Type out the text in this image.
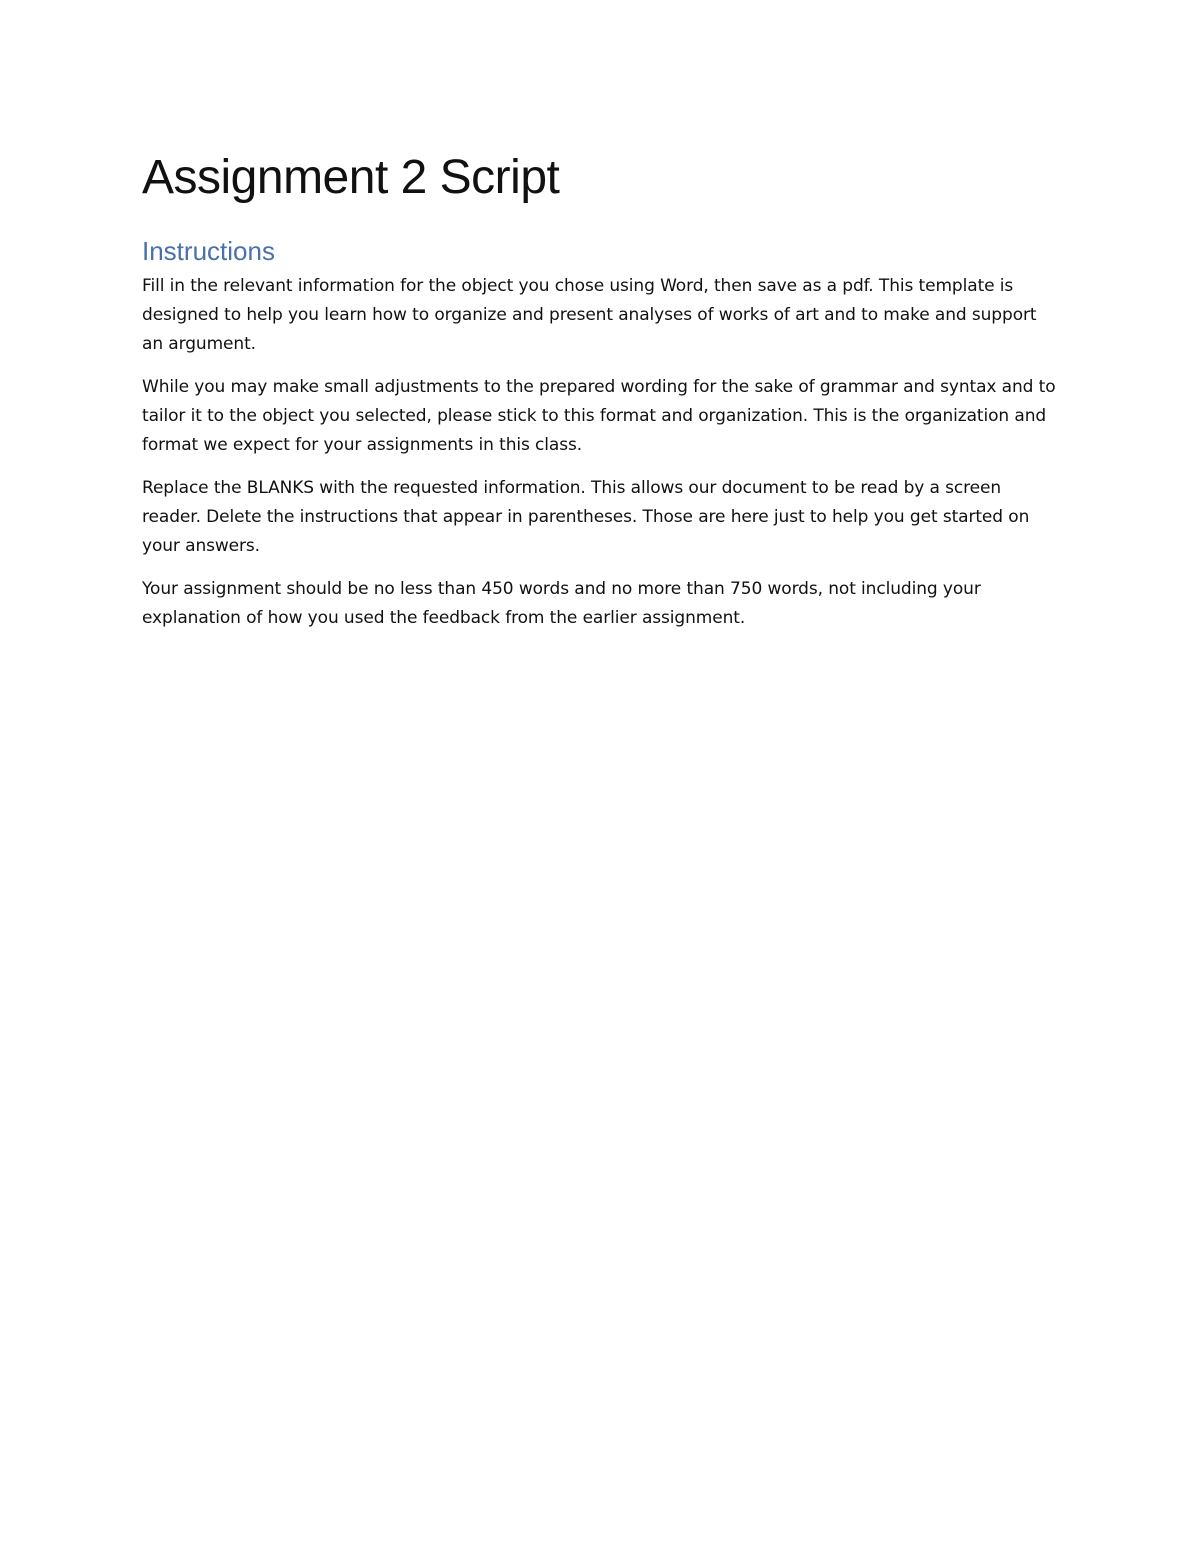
Assignment 2 Script
Instructions

Fill in the relevant information for the object you chose using Word, then save as a pdf. This template is designed to help you learn how to organize and present analyses of works of art and to make and support an argument.

While you may make small adjustments to the prepared wording for the sake of grammar and syntax and to tailor it to the object you selected, please stick to this format and organization. This is the organization and format we expect for your assignments in this class.

Replace the BLANKS with the requested information. This allows our document to be read by a screen reader. Delete the instructions that appear in parentheses. Those are here just to help you get started on your answers.

Your assignment should be no less than 450 words and no more than 750 words, not including your explanation of how you used the feedback from the earlier assignment.
